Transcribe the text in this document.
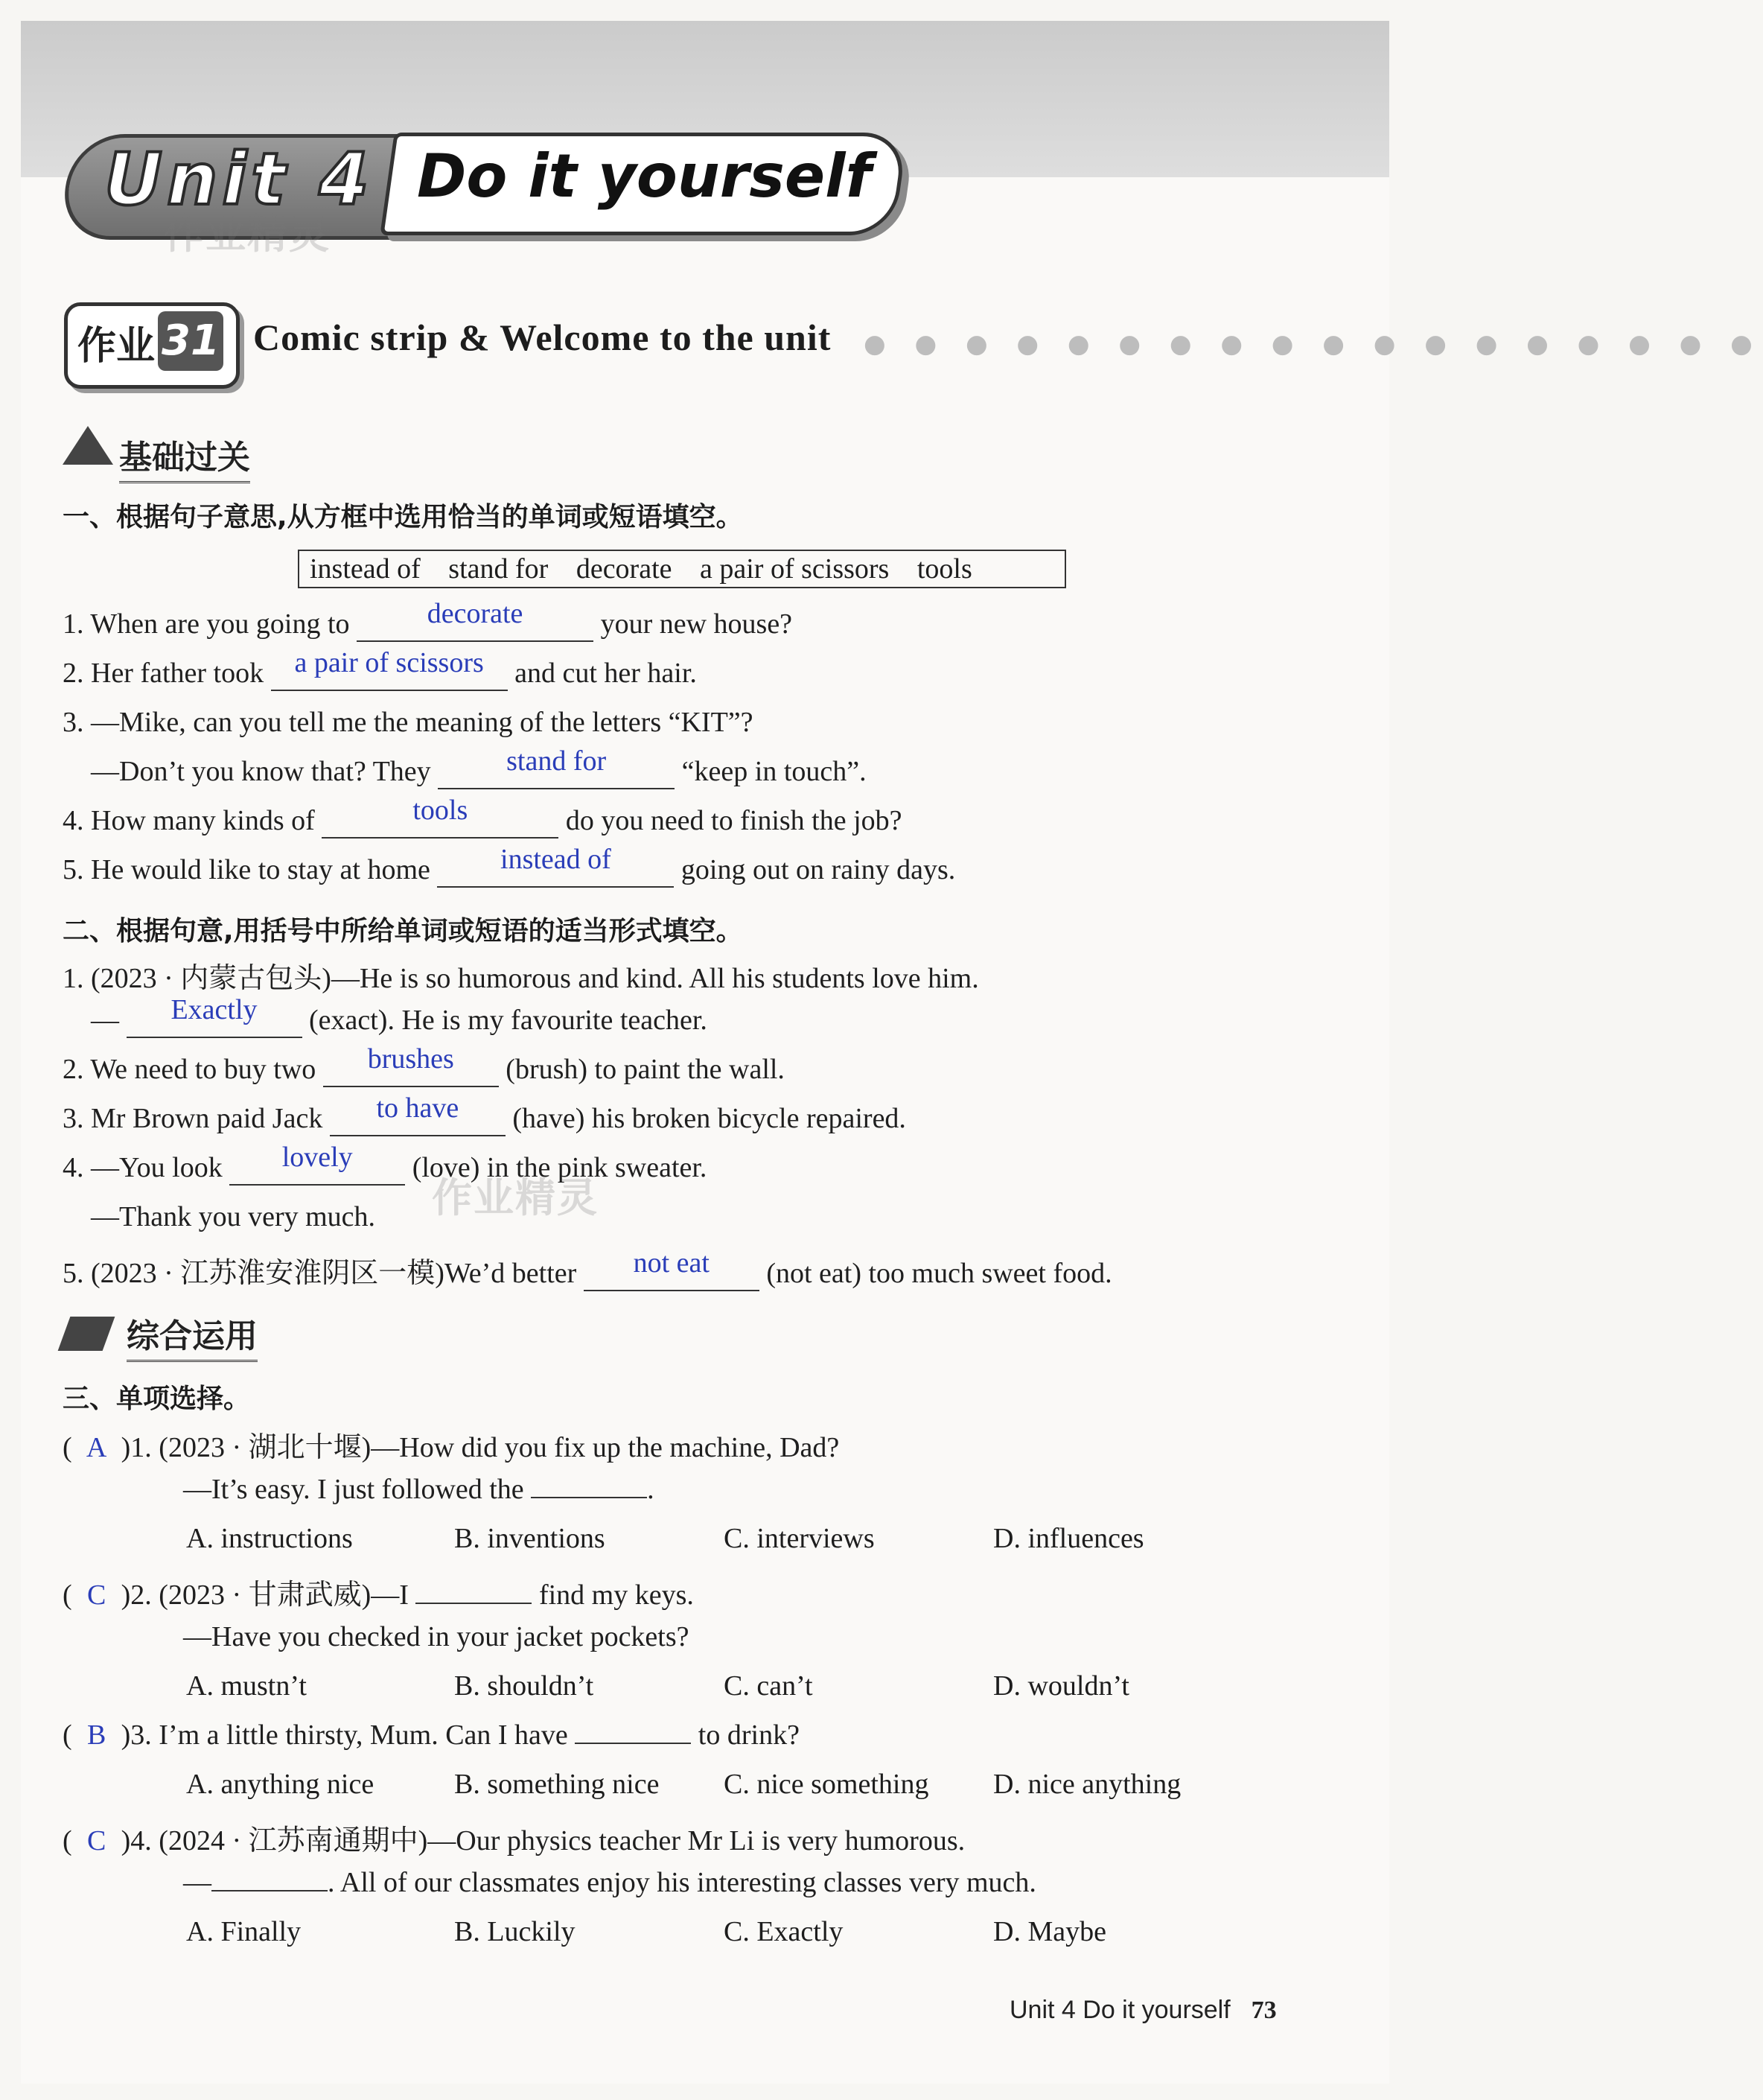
Unit 4 Do it yourself
作业精灵
作业 31 Comic strip & Welcome to the unit ● ● ● ● ● ● ● ● ● ● ● ● ● ● ● ● ● ●
基础过关
一、根据句子意思,从方框中选用恰当的单词或短语填空。
instead of stand for decorate a pair of scissors tools
1. When are you going to	decorate	your new house?
2. Her father took a pair of scissors and cut her hair.
3. —Mike, can you tell me the meaning of the letters “KIT”?
—Don’t you know that? They	stand for	“keep in touch”.
4. How many kinds of	tools	do you need to finish the job?
5. He would like to stay at home instead of going out on rainy days.
二、根据句意,用括号中所给单词或短语的适当形式填空。
1. (2023 · 内蒙古包头)—He is so humorous and kind. All his students love him.
— Exactly (exact). He is my favourite teacher.
2. We need to buy two brushes (brush) to paint the wall.
3. Mr Brown paid Jack to have (have) his broken bicycle repaired.
4. —You look lovely (love) in the pink sweater.
—Thank you very much. 作业精灵
5. (2023 · 江苏淮安淮阴区一模)We’d better not eat (not eat) too much sweet food.
综合运用
三、单项选择。
( A )1. (2023 · 湖北十堰)—How did you fix up the machine, Dad?
—It’s easy. I just followed the	.
A. instructions	B. inventions	C. interviews	D. influences
( C )2. (2023 · 甘肃武威)—I	find my keys.
—Have you checked in your jacket pockets?
A. mustn’t	B. shouldn’t	C. can’t	D. wouldn’t
( B )3. I’m a little thirsty, Mum. Can I have	to drink?
A. anything nice	B. something nice C. nice something D. nice anything
( C )4. (2024 · 江苏南通期中)—Our physics teacher Mr Li is very humorous.
—	. All of our classmates enjoy his interesting classes very much.
A. Finally	B. Luckily	C. Exactly	D. Maybe
Unit 4 Do it yourself 73
